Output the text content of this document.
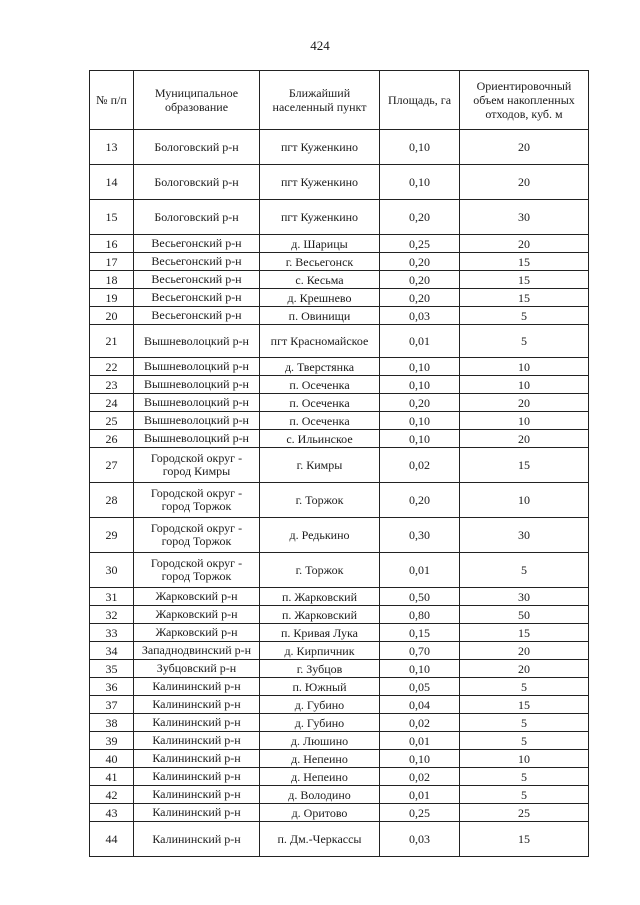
424
№ п/п	Муниципальное образование	Ближайший населенный пункт	Площадь, га	Ориентировочный объем накопленных отходов, куб. м
13	Бологовский р-н	пгт Куженкино	0,10	20
14	Бологовский р-н	пгт Куженкино	0,10	20
15	Бологовский р-н	пгт Куженкино	0,20	30
16	Весьегонский р-н	д. Шарицы	0,25	20
17	Весьегонский р-н	г. Весьегонск	0,20	15
18	Весьегонский р-н	с. Кесьма	0,20	15
19	Весьегонский р-н	д. Крешнево	0,20	15
20	Весьегонский р-н	п. Овинищи	0,03	5
21	Вышневолоцкий р-н	пгт Красномайское	0,01	5
22	Вышневолоцкий р-н	д. Тверстянка	0,10	10
23	Вышневолоцкий р-н	п. Осеченка	0,10	10
24	Вышневолоцкий р-н	п. Осеченка	0,20	20
25	Вышневолоцкий р-н	п. Осеченка	0,10	10
26	Вышневолоцкий р-н	с. Ильинское	0,10	20
27	Городской округ - город Кимры	г. Кимры	0,02	15
28	Городской округ - город Торжок	г. Торжок	0,20	10
29	Городской округ - город Торжок	д. Редькино	0,30	30
30	Городской округ - город Торжок	г. Торжок	0,01	5
31	Жарковский р-н	п. Жарковский	0,50	30
32	Жарковский р-н	п. Жарковский	0,80	50
33	Жарковский р-н	п. Кривая Лука	0,15	15
34	Западнодвинский р-н	д. Кирпичник	0,70	20
35	Зубцовский р-н	г. Зубцов	0,10	20
36	Калининский р-н	п. Южный	0,05	5
37	Калининский р-н	д. Губино	0,04	15
38	Калининский р-н	д. Губино	0,02	5
39	Калининский р-н	д. Люшино	0,01	5
40	Калининский р-н	д. Непеино	0,10	10
41	Калининский р-н	д. Непеино	0,02	5
42	Калининский р-н	д. Володино	0,01	5
43	Калининский р-н	д. Оритово	0,25	25
44	Калининский р-н	п. Дм.-Черкассы	0,03	15
